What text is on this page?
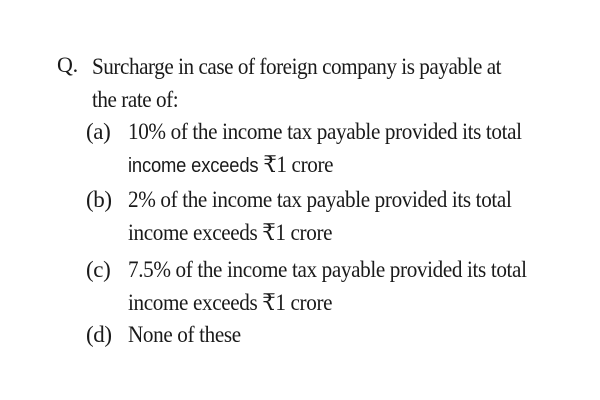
Q. Surcharge in case of foreign company is payable at the rate of:
(a) 10% of the income tax payable provided its total
income exceeds ₹1 crore
(b) 2% of the income tax payable provided its total
income exceeds ₹1 crore
(c) 7.5% of the income tax payable provided its total
income exceeds ₹1 crore
(d) None of these
